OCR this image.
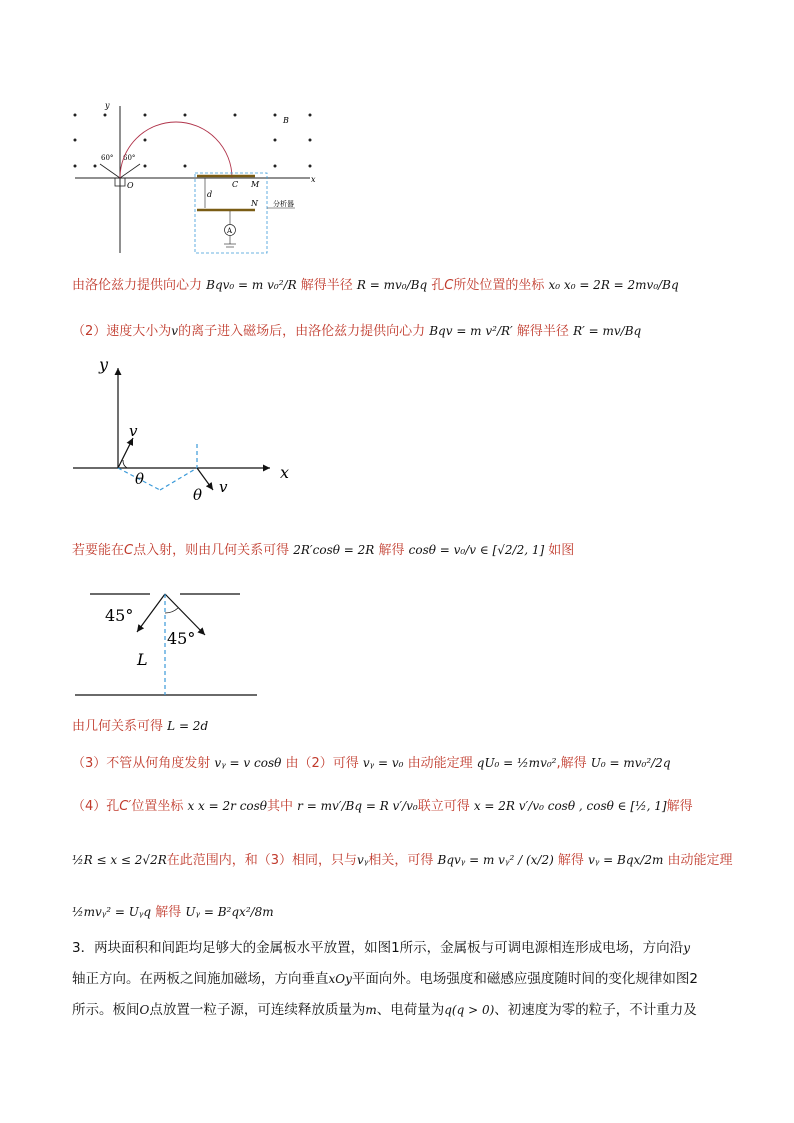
y
x
B
O
60° 60°
C M
N
d
分析器
A
由洛伦兹力提供向心力 Bqv₀ = m v₀²/R 解得半径 R = mv₀/Bq 孔C所处位置的坐标 x₀ x₀ = 2R = 2mv₀/Bq
（2）速度大小为v的离子进入磁场后，由洛伦兹力提供向心力 Bqv = m v²/R′ 解得半径 R′ = mv/Bq
y
x
v
v
θ
θ
若要能在C点入射，则由几何关系可得 2R′cosθ = 2R 解得 cosθ = v₀/v ∈ [√2/2, 1] 如图
45°
45°
L
由几何关系可得 L = 2d
（3）不管从何角度发射 vᵧ = v cosθ 由（2）可得 vᵧ = v₀ 由动能定理 qU₀ = ½mv₀²,解得 U₀ = mv₀²/2q
（4）孔C′位置坐标 x x = 2r cosθ其中 r = mv′/Bq = R v′/v₀联立可得 x = 2R v′/v₀ cosθ , cosθ ∈ [½, 1]解得
½R ≤ x ≤ 2√2R在此范围内，和（3）相同，只与vᵧ相关，可得 Bqvᵧ = m vᵧ² / (x/2) 解得 vᵧ = Bqx/2m 由动能定理
½mvᵧ² = Uᵧq 解得 Uᵧ = B²qx²/8m
3．两块面积和间距均足够大的金属板水平放置，如图1所示，金属板与可调电源相连形成电场，方向沿y
轴正方向。在两板之间施加磁场，方向垂直xOy平面向外。电场强度和磁感应强度随时间的变化规律如图2
所示。板间O点放置一粒子源，可连续释放质量为m、电荷量为q(q > 0)、初速度为零的粒子，不计重力及
